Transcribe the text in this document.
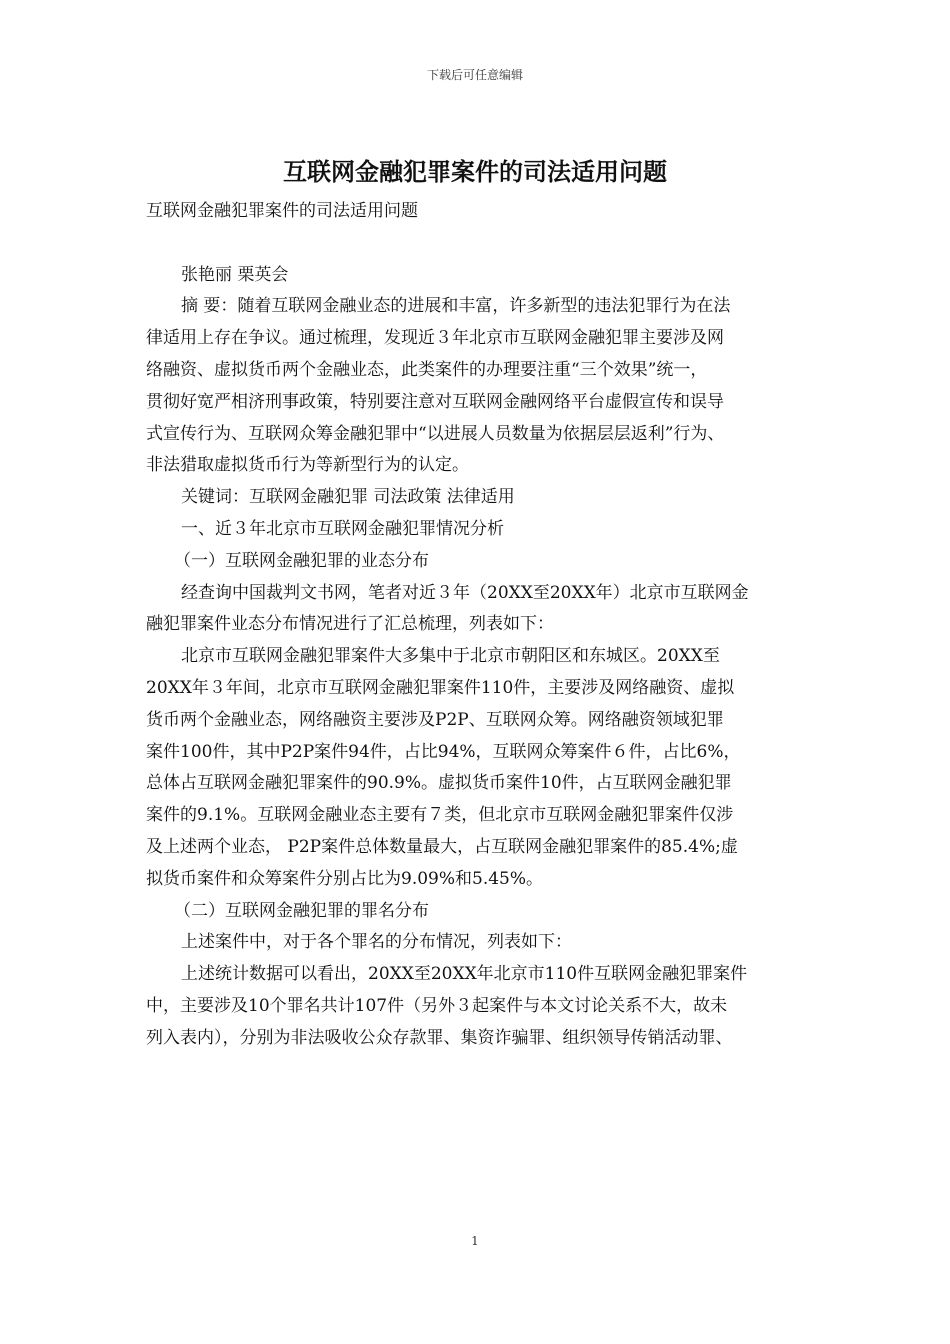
下载后可任意编辑
互联网金融犯罪案件的司法适用问题

互联网金融犯罪案件的司法适用问题

张艳丽 栗英会

摘 要：随着互联网金融业态的进展和丰富，许多新型的违法犯罪行为在法
律适用上存在争议。通过梳理，发现近３年北京市互联网金融犯罪主要涉及网
络融资、虚拟货币两个金融业态，此类案件的办理要注重“三个效果”统一，
贯彻好宽严相济刑事政策，特别要注意对互联网金融网络平台虚假宣传和误导
式宣传行为、互联网众筹金融犯罪中“以进展人员数量为依据层层返利”行为、
非法猎取虚拟货币行为等新型行为的认定。

关键词：互联网金融犯罪 司法政策 法律适用

一、近３年北京市互联网金融犯罪情况分析

（一）互联网金融犯罪的业态分布

经查询中国裁判文书网，笔者对近３年（20XX至20XX年）北京市互联网金
融犯罪案件业态分布情况进行了汇总梳理，列表如下：
北京市互联网金融犯罪案件大多集中于北京市朝阳区和东城区。20XX至
20XX年３年间，北京市互联网金融犯罪案件110件，主要涉及网络融资、虚拟
货币两个金融业态，网络融资主要涉及P2P、互联网众筹。网络融资领域犯罪
案件100件，其中P2P案件94件，占比94%，互联网众筹案件６件，占比6%，
总体占互联网金融犯罪案件的90.9%。虚拟货币案件10件，占互联网金融犯罪
案件的9.1%。互联网金融业态主要有７类，但北京市互联网金融犯罪案件仅涉
及上述两个业态， P2P案件总体数量最大，占互联网金融犯罪案件的85.4%;虚
拟货币案件和众筹案件分别占比为9.09%和5.45%。

（二）互联网金融犯罪的罪名分布

上述案件中，对于各个罪名的分布情况，列表如下：
上述统计数据可以看出，20XX至20XX年北京市110件互联网金融犯罪案件
中，主要涉及10个罪名共计107件（另外３起案件与本文讨论关系不大，故未
列入表内），分别为非法吸收公众存款罪、集资诈骗罪、组织领导传销活动罪、
1
